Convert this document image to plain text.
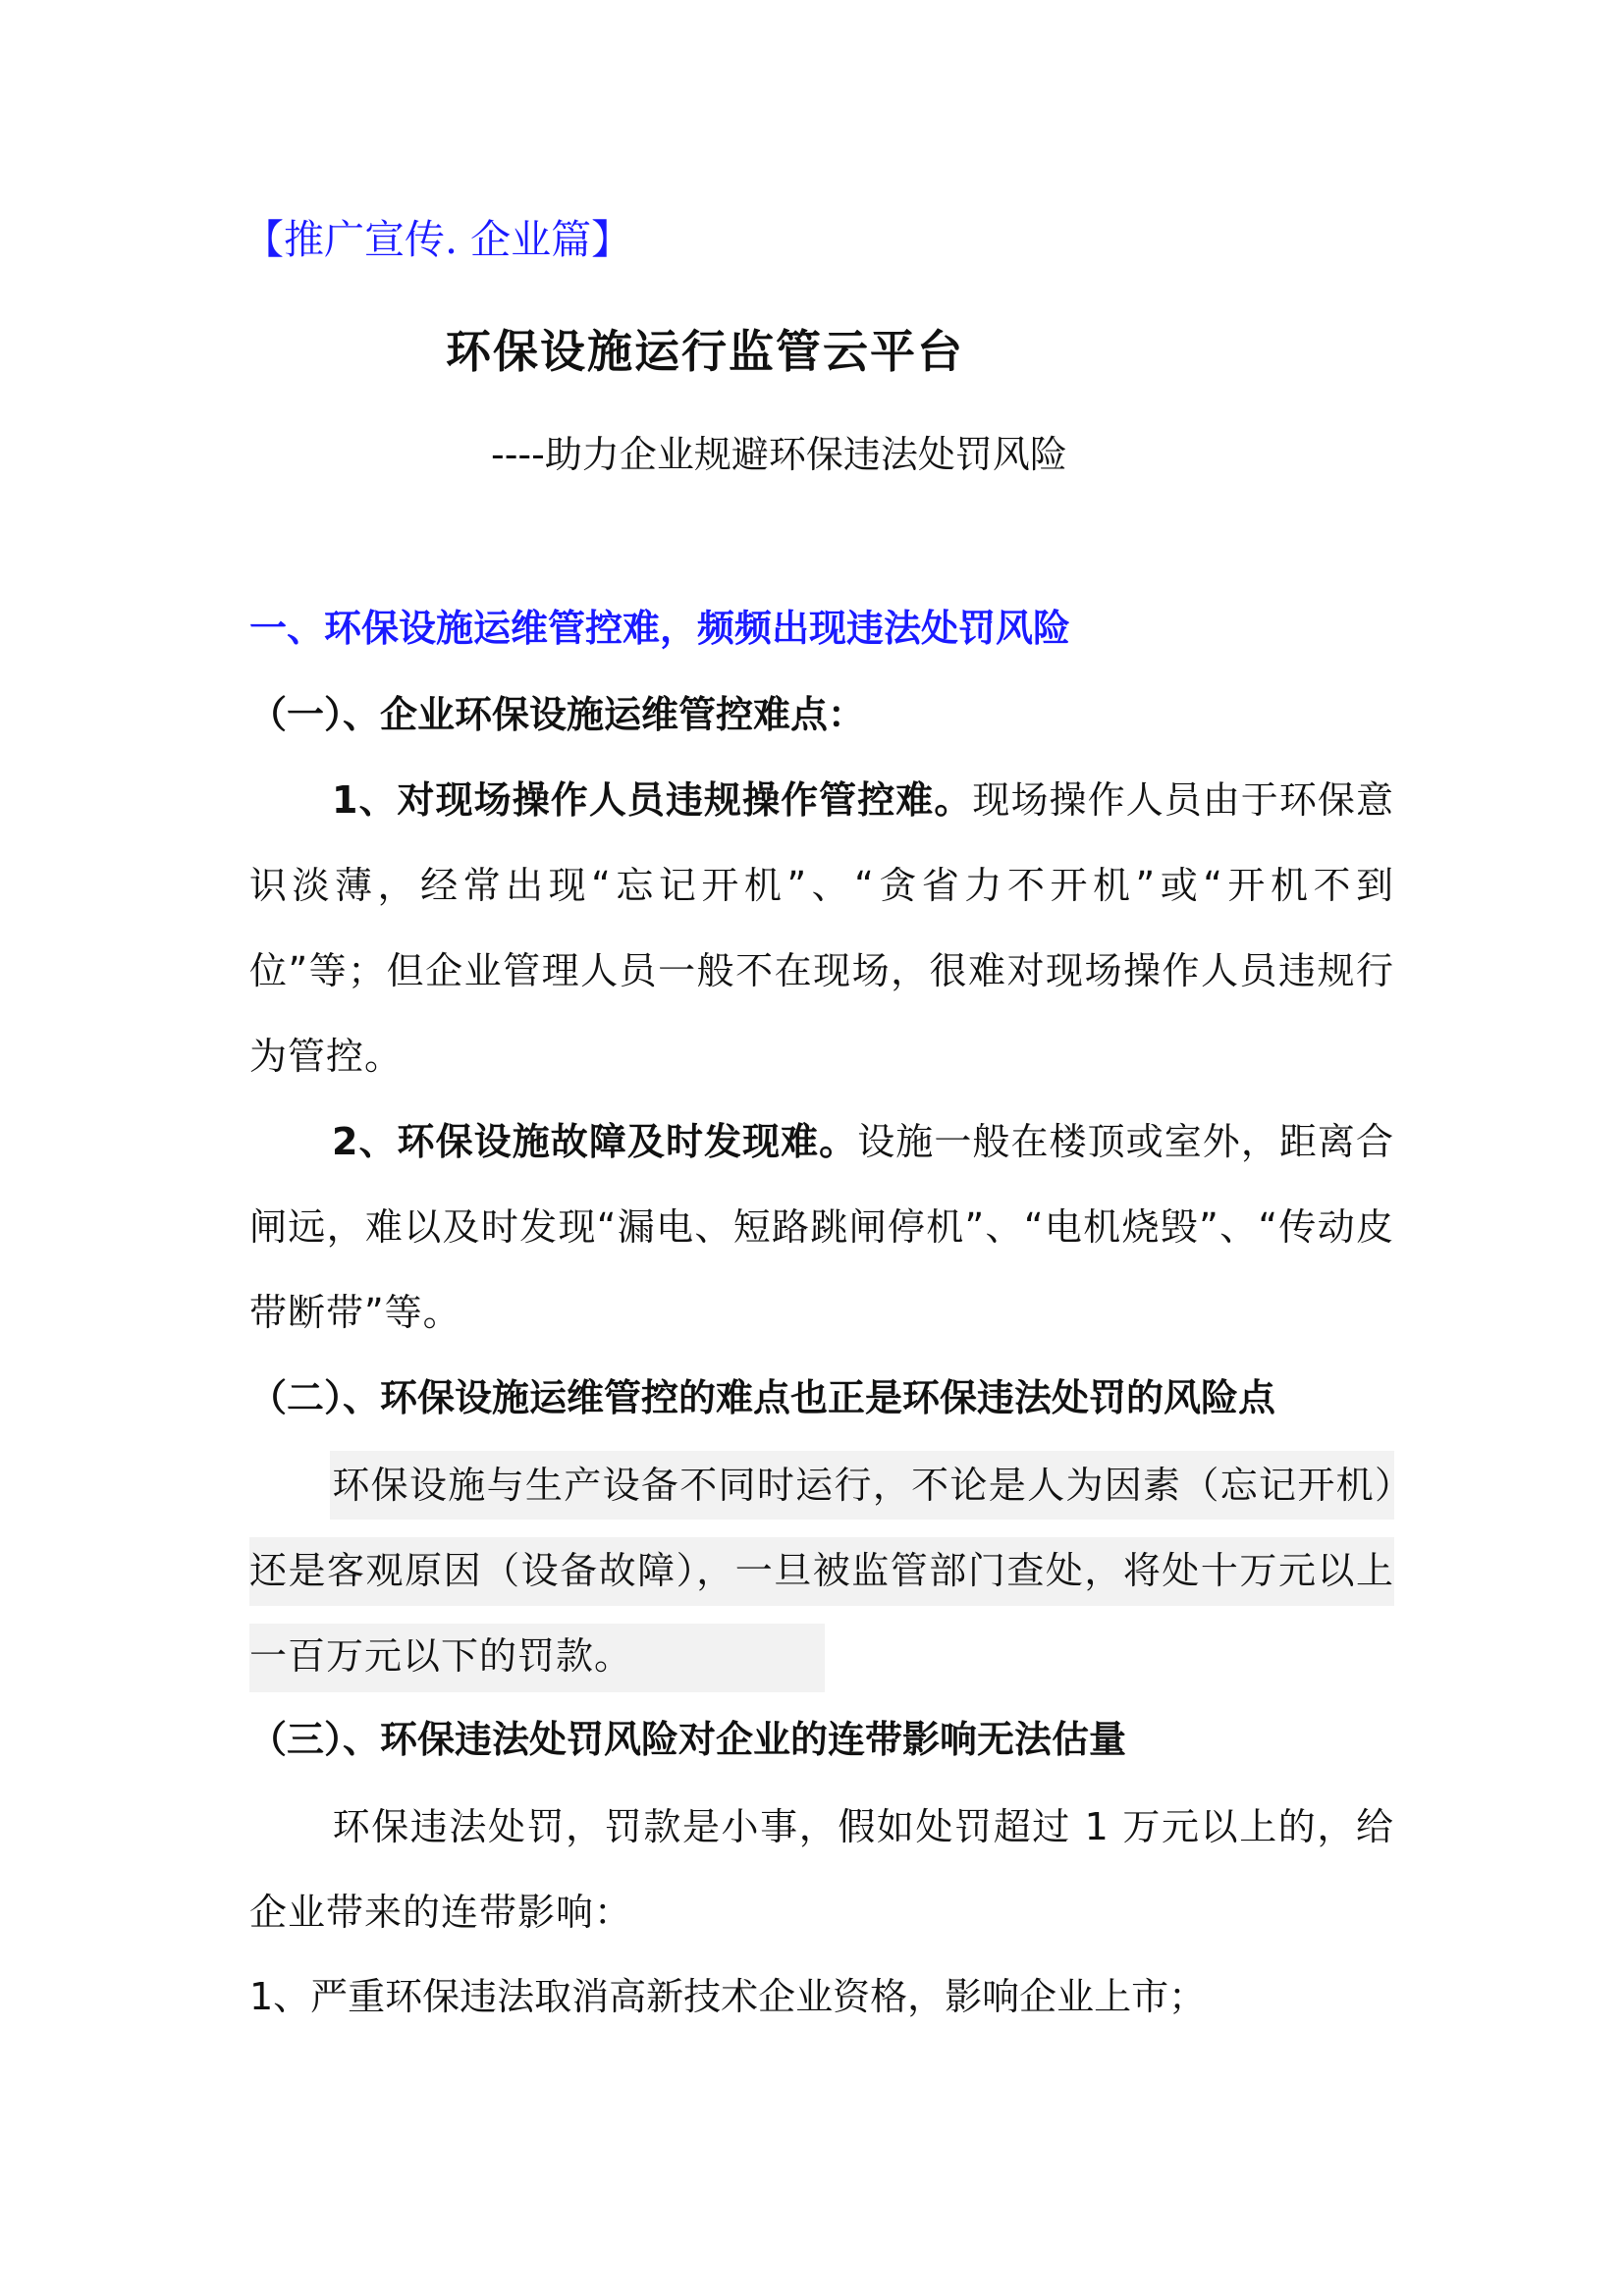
【推广宣传. 企业篇】
环保设施运行监管云平台
----助力企业规避环保违法处罚风险
一、环保设施运维管控难，频频出现违法处罚风险
（一）、企业环保设施运维管控难点：
1、对现场操作人员违规操作管控难。现场操作人员由于环保意识淡薄，经常出现“忘记开机”、“贪省力不开机”或“开机不到位”等；但企业管理人员一般不在现场，很难对现场操作人员违规行为管控。
2、环保设施故障及时发现难。设施一般在楼顶或室外，距离合闸远，难以及时发现“漏电、短路跳闸停机”、“电机烧毁”、“传动皮带断带”等。
（二）、环保设施运维管控的难点也正是环保违法处罚的风险点
环保设施与生产设备不同时运行，不论是人为因素（忘记开机）还是客观原因（设备故障），一旦被监管部门查处，将处十万元以上一百万元以下的罚款。
（三）、环保违法处罚风险对企业的连带影响无法估量
环保违法处罚，罚款是小事，假如处罚超过 1 万元以上的，给企业带来的连带影响：
1、严重环保违法取消高新技术企业资格，影响企业上市；
